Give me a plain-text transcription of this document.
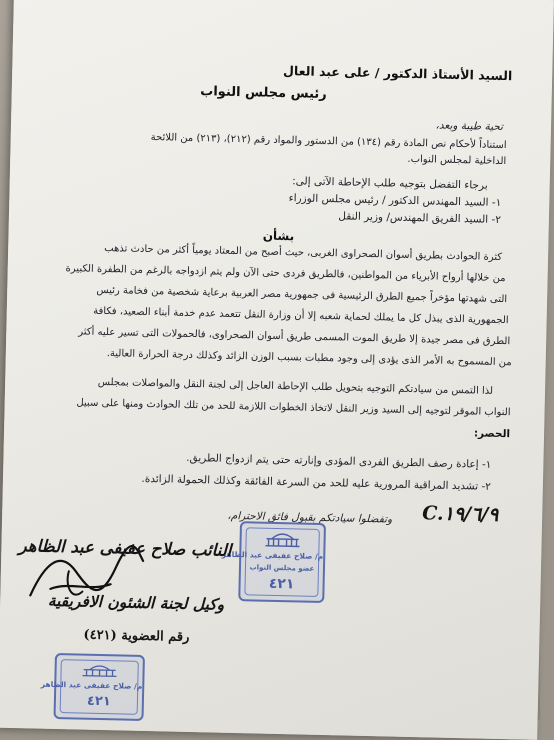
السيد الأستاذ الدكتور / على عبد العال
رئيس مجلس النواب
تحية طيبة وبعد،
استناداً لأحكام نص المادة رقم (١٣٤) من الدستور والمواد رقم (٢١٢)، (٢١٣) من اللائحة
الداخلية لمجلس النواب.
برجاء التفضل بتوجيه طلب الإحاطة الآتى إلى:
١- السيد المهندس الدكتور / رئيس مجلس الوزراء
٢- السيد الفريق المهندس/ وزير النقل
بشأن
كثرة الحوادث بطريق أسوان الصحراوى الغربى، حيث أصبح من المعتاد يومياً أكثر من حادث تذهب
من خلالها أرواح الأبرياء من المواطنين، فالطريق فردى حتى الآن ولم يتم ازدواجه بالرغم من الطفرة الكبيرة
التى شهدتها مؤخراً جميع الطرق الرئيسية فى جمهورية مصر العربية برعاية شخصية من فخامة رئيس
الجمهورية الذى يبذل كل ما يملك لحماية شعبه إلا أن وزارة النقل تتعمد عدم خدمة أبناء الصعيد، فكافة
الطرق فى مصر جيدة إلا طريق الموت المسمى طريق أسوان الصحراوى، فالحمولات التى تسير عليه أكثر
من المسموح به الأمر الذى يؤدى إلى وجود مطبات بسبب الوزن الزائد وكذلك درجة الحرارة العالية.
لذا التمس من سيادتكم التوجيه بتحويل طلب الإحاطة العاجل إلى لجنة النقل والمواصلات بمجلس
النواب الموقر لتوجيه إلى السيد وزير النقل لاتخاذ الخطوات اللازمة للحد من تلك الحوادث ومنها على سبيل
الحصر:
١- إعادة رصف الطريق الفردى المؤدى وإنارته حتى يتم ازدواج الطريق.
٢- تشديد المراقبة المرورية عليه للحد من السرعة الفائقة وكذلك الحمولة الزائدة.
وتفضلوا سيادتكم بقبول فائق الاحترام، C.١٩/٦/٩
م/ صلاح عفيفى عبد الظاهر
عضو مجلس النواب
٤٢١
النائب صلاح عفيفى عبد الظاهر
وكيل لجنة الشئون الافريقية
رقم العضوية (٤٢١)
م/ صلاح عفيفى عبد الظاهر
٤٢١
